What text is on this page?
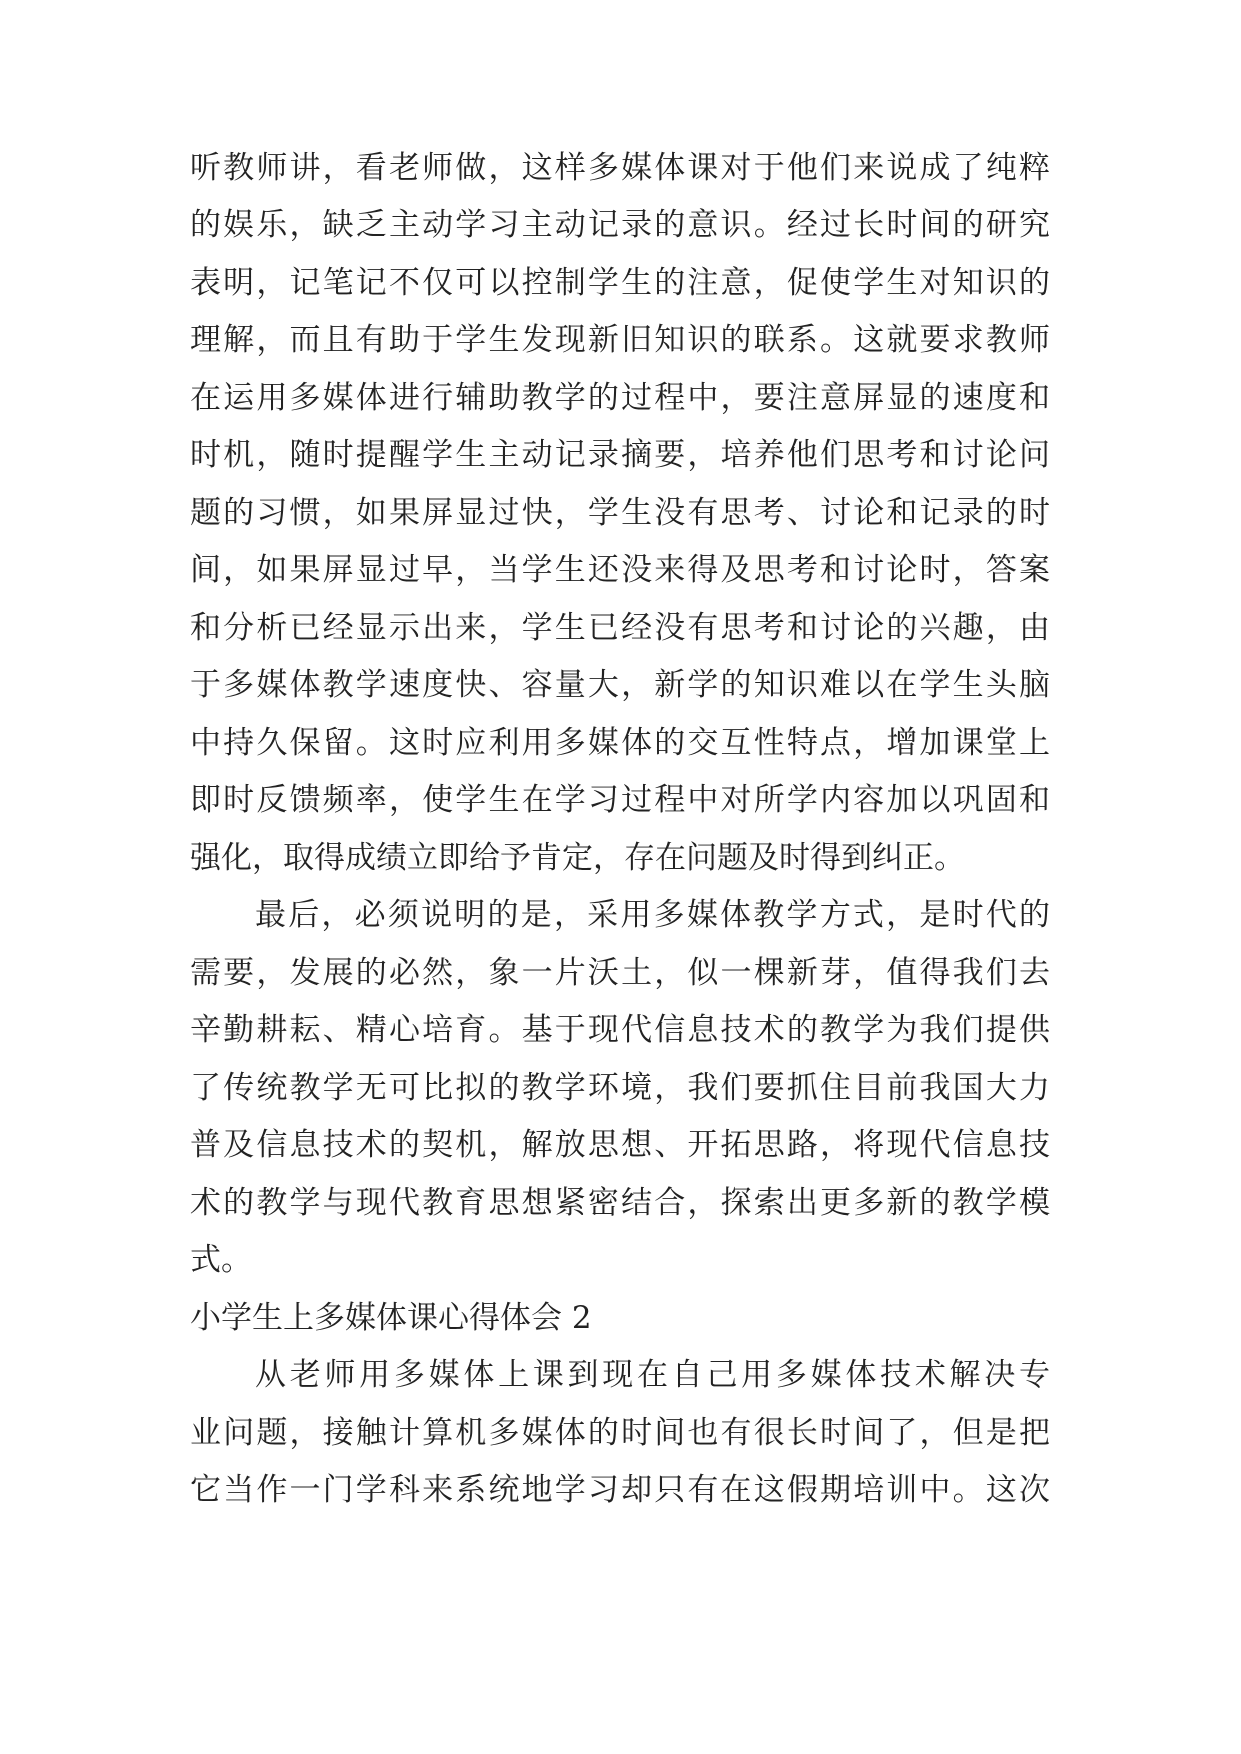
听教师讲，看老师做，这样多媒体课对于他们来说成了纯粹
的娱乐，缺乏主动学习主动记录的意识。经过长时间的研究
表明，记笔记不仅可以控制学生的注意，促使学生对知识的
理解，而且有助于学生发现新旧知识的联系。这就要求教师
在运用多媒体进行辅助教学的过程中，要注意屏显的速度和
时机，随时提醒学生主动记录摘要，培养他们思考和讨论问
题的习惯，如果屏显过快，学生没有思考、讨论和记录的时
间，如果屏显过早，当学生还没来得及思考和讨论时，答案
和分析已经显示出来，学生已经没有思考和讨论的兴趣，由
于多媒体教学速度快、容量大，新学的知识难以在学生头脑
中持久保留。这时应利用多媒体的交互性特点，增加课堂上
即时反馈频率，使学生在学习过程中对所学内容加以巩固和
强化，取得成绩立即给予肯定，存在问题及时得到纠正。
最后，必须说明的是，采用多媒体教学方式，是时代的
需要，发展的必然，象一片沃土，似一棵新芽，值得我们去
辛勤耕耘、精心培育。基于现代信息技术的教学为我们提供
了传统教学无可比拟的教学环境，我们要抓住目前我国大力
普及信息技术的契机，解放思想、开拓思路，将现代信息技
术的教学与现代教育思想紧密结合，探索出更多新的教学模
式。
小学生上多媒体课心得体会 2
从老师用多媒体上课到现在自己用多媒体技术解决专
业问题，接触计算机多媒体的时间也有很长时间了，但是把
它当作一门学科来系统地学习却只有在这假期培训中。这次
